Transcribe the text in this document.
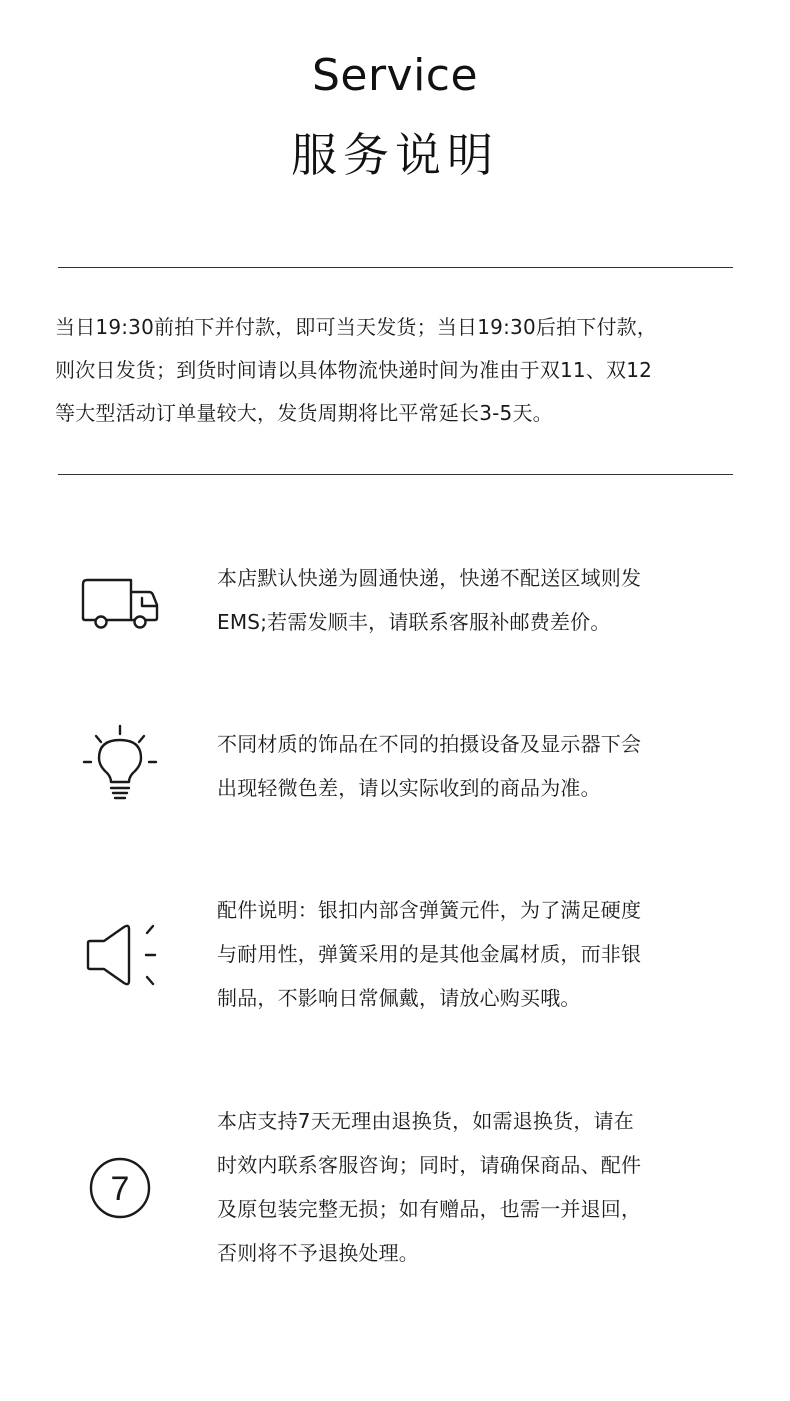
Service
服务说明

当日19:30前拍下并付款，即可当天发货；当日19:30后拍下付款，

则次日发货；到货时间请以具体物流快递时间为准由于双11、双12

等大型活动订单量较大，发货周期将比平常延长3-5天。

本店默认快递为圆通快递，快递不配送区域则发

EMS;若需发顺丰，请联系客服补邮费差价。

不同材质的饰品在不同的拍摄设备及显示器下会

出现轻微色差，请以实际收到的商品为准。

配件说明：银扣内部含弹簧元件，为了满足硬度

与耐用性，弹簧采用的是其他金属材质，而非银

制品，不影响日常佩戴，请放心购买哦。

7

本店支持7天无理由退换货，如需退换货，请在

时效内联系客服咨询；同时，请确保商品、配件

及原包装完整无损；如有赠品，也需一并退回，

否则将不予退换处理。
